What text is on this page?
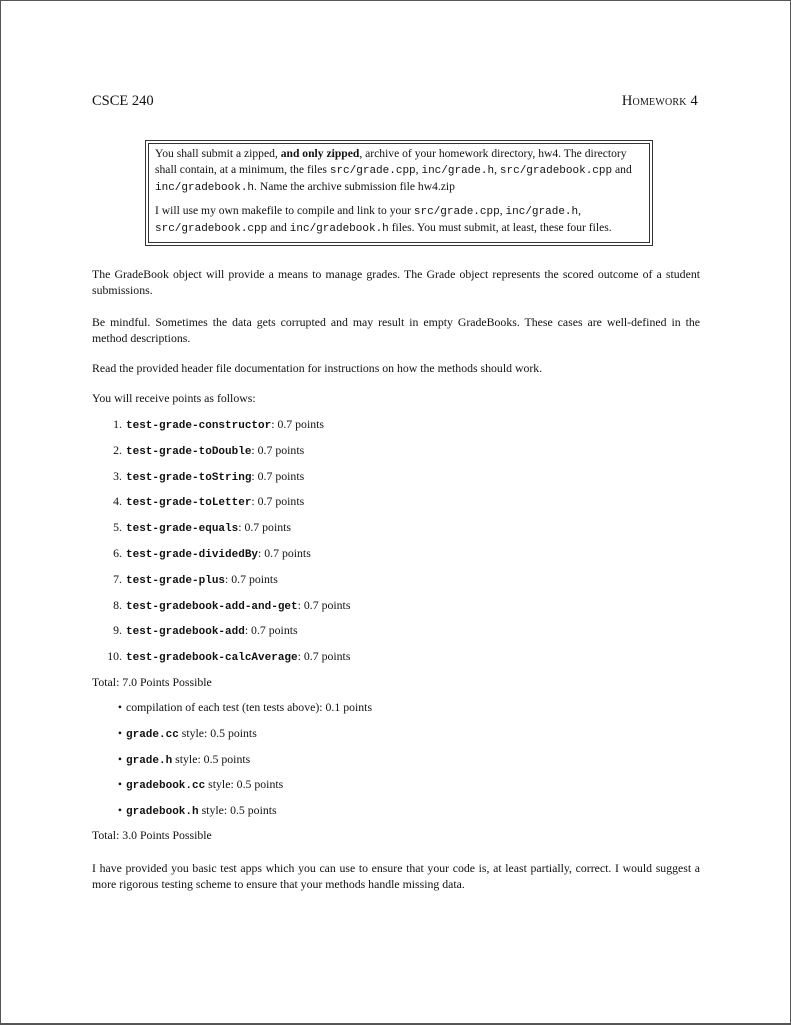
CSCE 240	Homework 4

You shall submit a zipped, and only zipped, archive of your homework directory, hw4. The directory shall contain, at a minimum, the files src/grade.cpp, inc/grade.h, src/gradebook.cpp and inc/gradebook.h. Name the archive submission file hw4.zip

I will use my own makefile to compile and link to your src/grade.cpp, inc/grade.h, src/gradebook.cpp and inc/gradebook.h files. You must submit, at least, these four files.

The GradeBook object will provide a means to manage grades. The Grade object represents the scored outcome of a student submissions.

Be mindful. Sometimes the data gets corrupted and may result in empty GradeBooks. These cases are well-defined in the method descriptions.

Read the provided header file documentation for instructions on how the methods should work.

You will receive points as follows:

1. test-grade-constructor: 0.7 points
2. test-grade-toDouble: 0.7 points
3. test-grade-toString: 0.7 points
4. test-grade-toLetter: 0.7 points
5. test-grade-equals: 0.7 points
6. test-grade-dividedBy: 0.7 points
7. test-grade-plus: 0.7 points
8. test-gradebook-add-and-get: 0.7 points
9. test-gradebook-add: 0.7 points
10. test-gradebook-calcAverage: 0.7 points
Total: 7.0 Points Possible
• compilation of each test (ten tests above): 0.1 points
• grade.cc style: 0.5 points
• grade.h style: 0.5 points
• gradebook.cc style: 0.5 points
• gradebook.h style: 0.5 points
Total: 3.0 Points Possible

I have provided you basic test apps which you can use to ensure that your code is, at least partially, correct. I would suggest a more rigorous testing scheme to ensure that your methods handle missing data.
